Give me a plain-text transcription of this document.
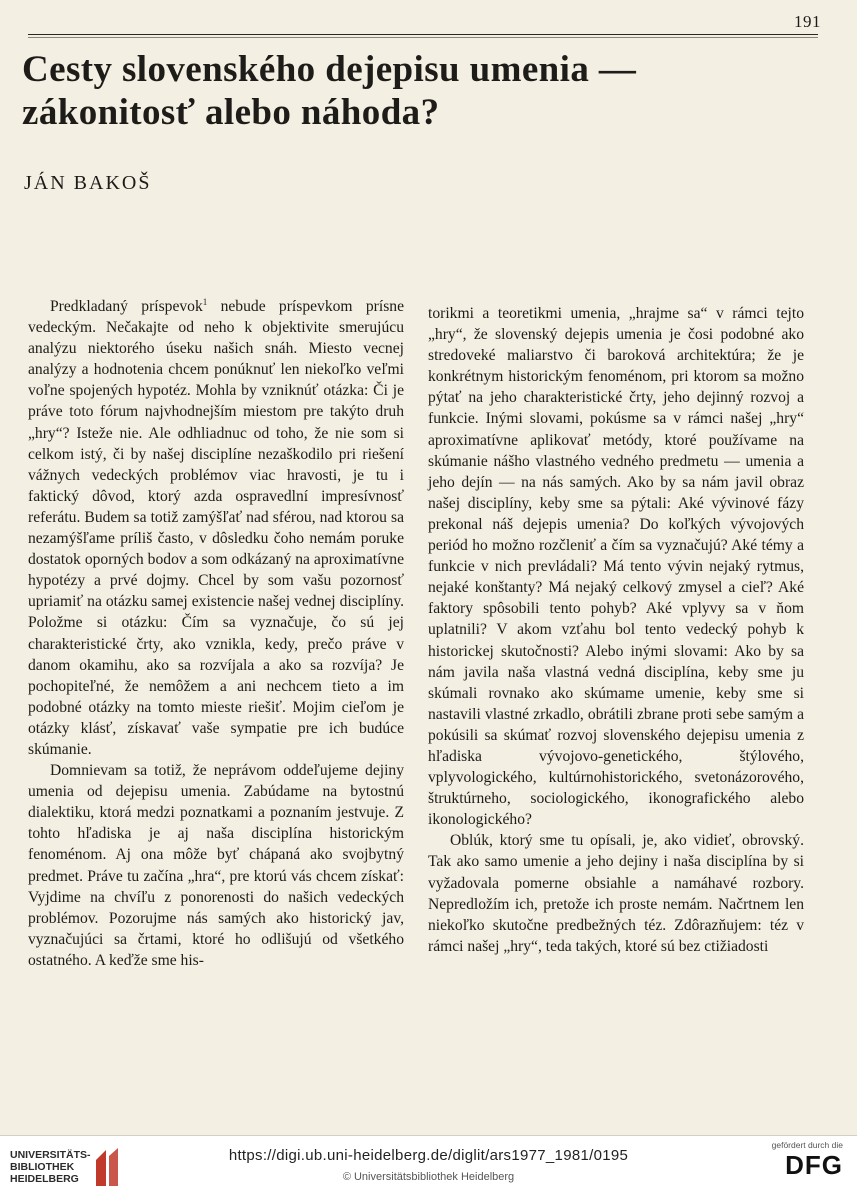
191
Cesty slovenského dejepisu umenia —
zákonitosť alebo náhoda?
JÁN BAKOŠ

Predkladaný príspevok$^1$ nebude príspevkom prísne vedeckým. Nečakajte od neho k objektivite smerujúcu analýzu niektorého úseku našich snáh. Miesto vecnej analýzy a hodnotenia chcem ponúknuť len niekoľko veľmi voľne spojených hypotéz. Mohla by vzniknúť otázka: Či je práve toto fórum najvhodnejším miestom pre takýto druh „hry“? Isteže nie. Ale odhliadnuc od toho, že nie som si celkom istý, či by našej disciplíne nezaškodilo pri riešení vážnych vedeckých problémov viac hravosti, je tu i faktický dôvod, ktorý azda ospravedlní impresívnosť referátu. Budem sa totiž zamýšľať nad sférou, nad ktorou sa nezamýšľame príliš často, v dôsledku čoho nemám poruke dostatok oporných bodov a som odkázaný na aproximatívne hypotézy a prvé dojmy. Chcel by som vašu pozornosť upriamiť na otázku samej existencie našej vednej disciplíny. Položme si otázku: Čím sa vyznačuje, čo sú jej charakteristické črty, ako vznikla, kedy, prečo práve v danom okamihu, ako sa rozvíjala a ako sa rozvíja? Je pochopiteľné, že nemôžem a ani nechcem tieto a im podobné otázky na tomto mieste riešiť. Mojim cieľom je otázky klásť, získavať vaše sympatie pre ich budúce skúmanie.

Domnievam sa totiž, že neprávom oddeľujeme dejiny umenia od dejepisu umenia. Zabúdame na bytostnú dialektiku, ktorá medzi poznatkami a poznaním jestvuje. Z tohto hľadiska je aj naša disciplína historickým fenoménom. Aj ona môže byť chápaná ako svojbytný predmet. Práve tu začína „hra“, pre ktorú vás chcem získať: Vyjdime na chvíľu z ponorenosti do našich vedeckých problémov. Pozorujme nás samých ako historický jav, vyznačujúci sa črtami, ktoré ho odlišujú od všetkého ostatného. A keďže sme his-

torikmi a teoretikmi umenia, „hrajme sa“ v rámci tejto „hry“, že slovenský dejepis umenia je čosi podobné ako stredoveké maliarstvo či baroková architektúra; že je konkrétnym historickým fenoménom, pri ktorom sa možno pýtať na jeho charakteristické črty, jeho dejinný rozvoj a funkcie. Inými slovami, pokúsme sa v rámci našej „hry“ aproximatívne aplikovať metódy, ktoré používame na skúmanie nášho vlastného vedného predmetu — umenia a jeho dejín — na nás samých. Ako by sa nám javil obraz našej disciplíny, keby sme sa pýtali: Aké vývinové fázy prekonal náš dejepis umenia? Do koľkých vývojových periód ho možno rozčleniť a čím sa vyznačujú? Aké témy a funkcie v nich prevládali? Má tento vývin nejaký rytmus, nejaké konštanty? Má nejaký celkový zmysel a cieľ? Aké faktory spôsobili tento pohyb? Aké vplyvy sa v ňom uplatnili? V akom vzťahu bol tento vedecký pohyb k historickej skutočnosti? Alebo inými slovami: Ako by sa nám javila naša vlastná vedná disciplína, keby sme ju skúmali rovnako ako skúmame umenie, keby sme si nastavili vlastné zrkadlo, obrátili zbrane proti sebe samým a pokúsili sa skúmať rozvoj slovenského dejepisu umenia z hľadiska vývojovo-genetického, štýlového, vplyvologického, kultúrnohistorického, svetonázorového, štruktúrneho, sociologického, ikonografického alebo ikonologického?

Oblúk, ktorý sme tu opísali, je, ako vidieť, obrovský. Tak ako samo umenie a jeho dejiny i naša disciplína by si vyžadovala pomerne obsiahle a namáhavé rozbory. Nepredložím ich, pretože ich proste nemám. Načrtnem len niekoľko skutočne predbežných téz. Zdôrazňujem: téz v rámci našej „hry“, teda takých, ktoré sú bez ctižiadosti

UNIVERSITÄTS-
BIBLIOTHEK
HEIDELBERG
https://digi.ub.uni-heidelberg.de/diglit/ars1977_1981/0195
© Universitätsbibliothek Heidelberg
gefördert durch die
DFG
